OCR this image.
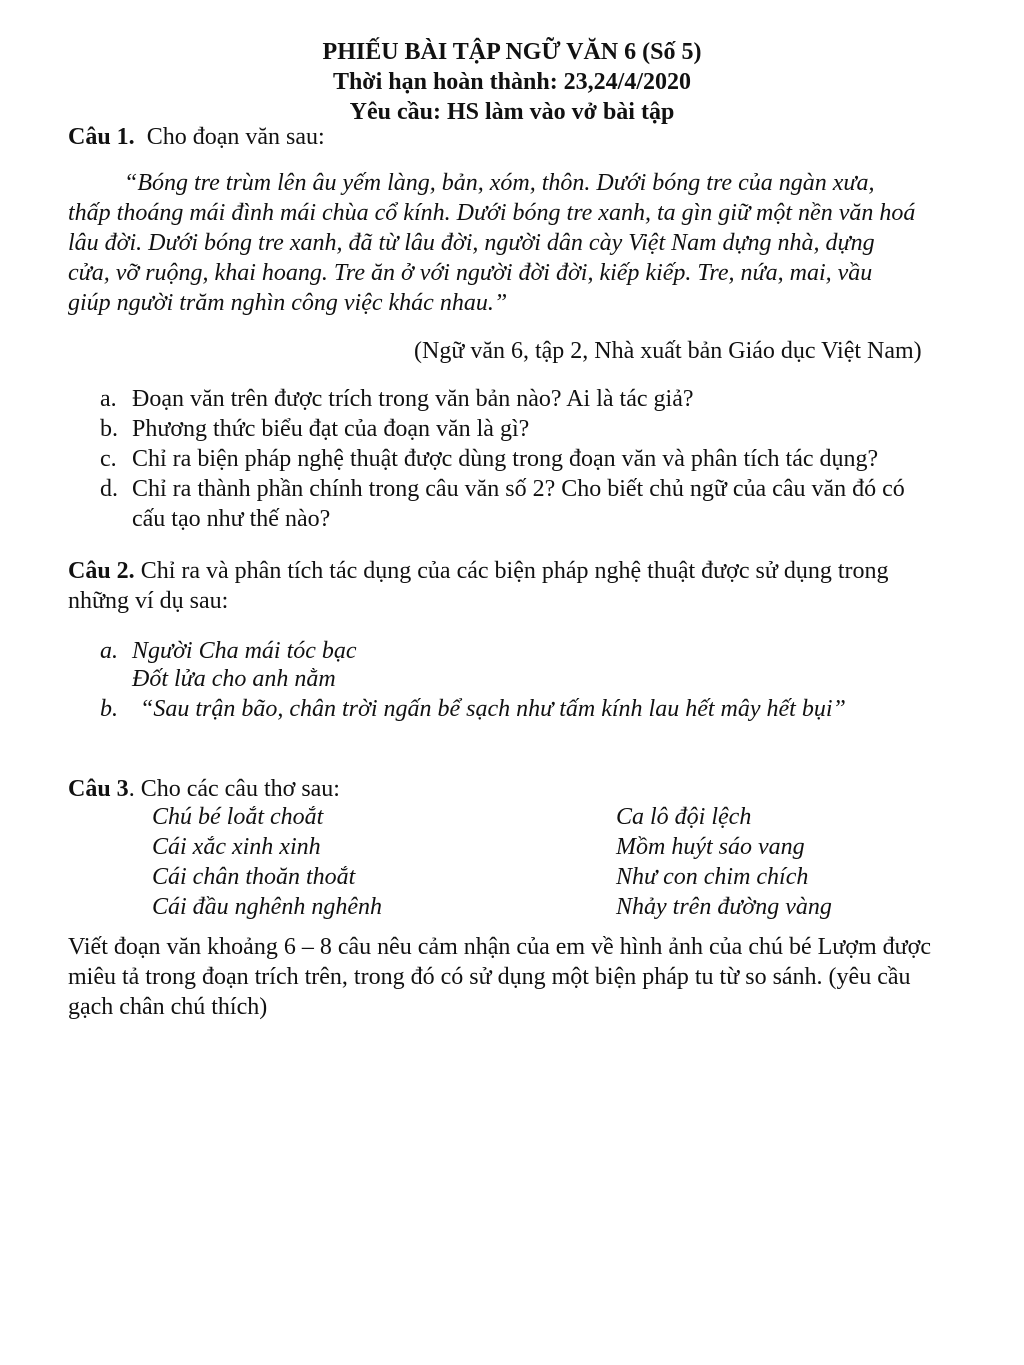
PHIẾU BÀI TẬP NGỮ VĂN 6 (Số 5)
Thời hạn hoàn thành: 23,24/4/2020
Yêu cầu: HS làm vào vở bài tập
Câu 1. Cho đoạn văn sau:
“Bóng tre trùm lên âu yếm làng, bản, xóm, thôn. Dưới bóng tre của ngàn xưa,
thấp thoáng mái đình mái chùa cổ kính. Dưới bóng tre xanh, ta gìn giữ một nền văn hoá
lâu đời. Dưới bóng tre xanh, đã từ lâu đời, người dân cày Việt Nam dựng nhà, dựng
cửa, vỡ ruộng, khai hoang. Tre ăn ở với người đời đời, kiếp kiếp. Tre, nứa, mai, vầu
giúp người trăm nghìn công việc khác nhau.”
(Ngữ văn 6, tập 2, Nhà xuất bản Giáo dục Việt Nam)
a. Đoạn văn trên được trích trong văn bản nào? Ai là tác giả?
b. Phương thức biểu đạt của đoạn văn là gì?
c. Chỉ ra biện pháp nghệ thuật được dùng trong đoạn văn và phân tích tác dụng?
d. Chỉ ra thành phần chính trong câu văn số 2? Cho biết chủ ngữ của câu văn đó có
cấu tạo như thế nào?
Câu 2. Chỉ ra và phân tích tác dụng của các biện pháp nghệ thuật được sử dụng trong
những ví dụ sau:
a. Người Cha mái tóc bạc
Đốt lửa cho anh nằm
b. “Sau trận bão, chân trời ngấn bể sạch như tấm kính lau hết mây hết bụi”
Câu 3. Cho các câu thơ sau:
Chú bé loắt choắt
Cái xắc xinh xinh
Cái chân thoăn thoắt
Cái đầu nghênh nghênh
Ca lô đội lệch
Mồm huýt sáo vang
Như con chim chích
Nhảy trên đường vàng
Viết đoạn văn khoảng 6 – 8 câu nêu cảm nhận của em về hình ảnh của chú bé Lượm được
miêu tả trong đoạn trích trên, trong đó có sử dụng một biện pháp tu từ so sánh. (yêu cầu
gạch chân chú thích)
